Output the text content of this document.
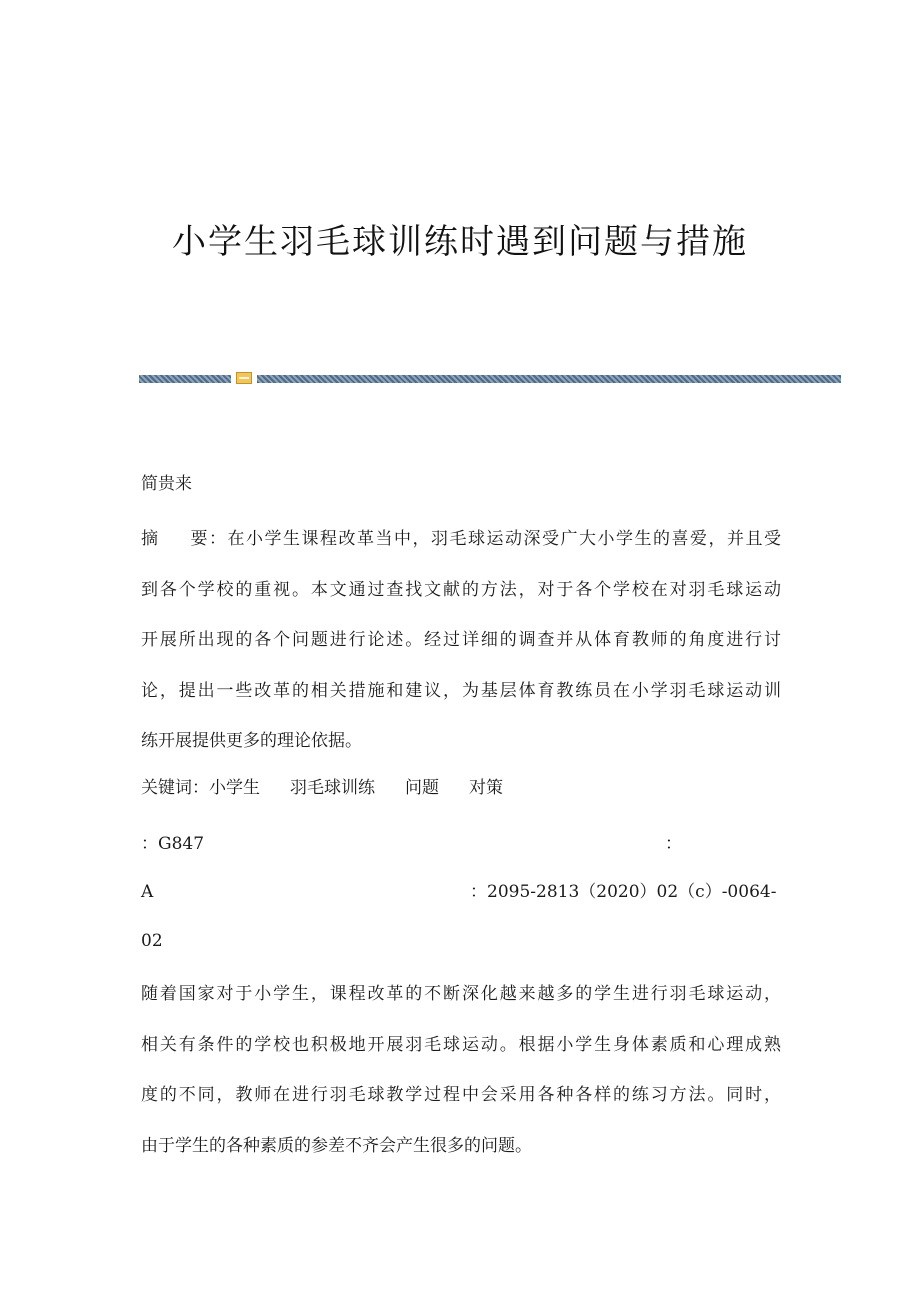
小学生羽毛球训练时遇到问题与措施
简贵来
摘 要：在小学生课程改革当中，羽毛球运动深受广大小学生的喜爱，并且受
到各个学校的重视。本文通过查找文献的方法，对于各个学校在对羽毛球运动
开展所出现的各个问题进行论述。经过详细的调查并从体育教师的角度进行讨
论，提出一些改革的相关措施和建议，为基层体育教练员在小学羽毛球运动训
练开展提供更多的理论依据。
关键词：小学生 羽毛球训练 问题 对策
：G847	：
A	：2095-2813（2020）02（c）-0064-
02
随着国家对于小学生，课程改革的不断深化越来越多的学生进行羽毛球运动，
相关有条件的学校也积极地开展羽毛球运动。根据小学生身体素质和心理成熟
度的不同，教师在进行羽毛球教学过程中会采用各种各样的练习方法。同时，
由于学生的各种素质的参差不齐会产生很多的问题。
